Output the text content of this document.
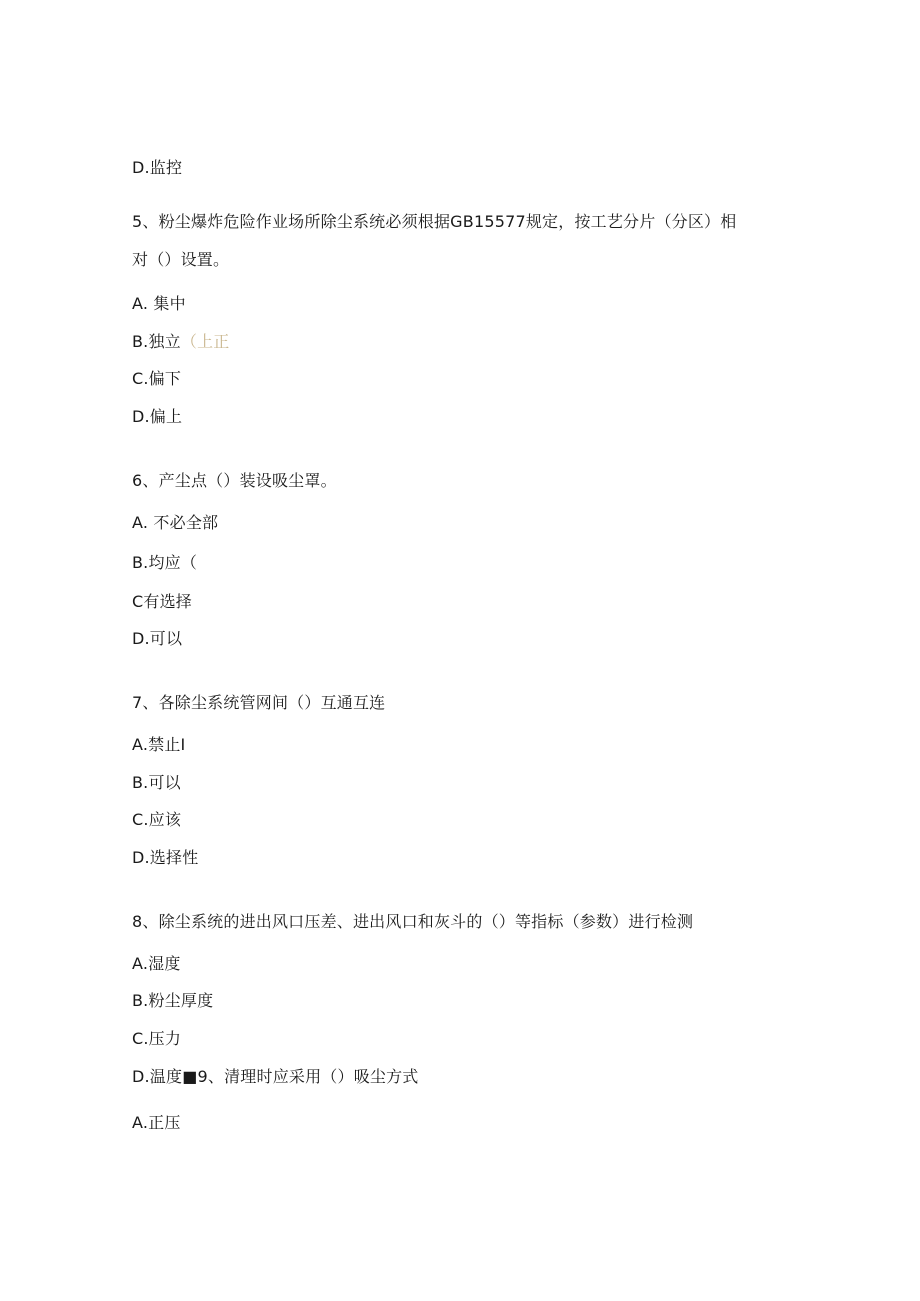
D.监控
5、粉尘爆炸危险作业场所除尘系统必须根据GB15577规定，按工艺分片（分区）相
对（）设置。
A. 集中
B.独立（上正
C.偏下
D.偏上
6、产尘点（）装设吸尘罩。
A. 不必全部
B.均应（
C有选择
D.可以
7、各除尘系统管网间（）互通互连
A.禁止I
B.可以
C.应该
D.选择性
8、除尘系统的进出风口压差、进出风口和灰斗的（）等指标（参数）进行检测
A.湿度
B.粉尘厚度
C.压力
D.温度■9、清理时应采用（）吸尘方式
A.正压
